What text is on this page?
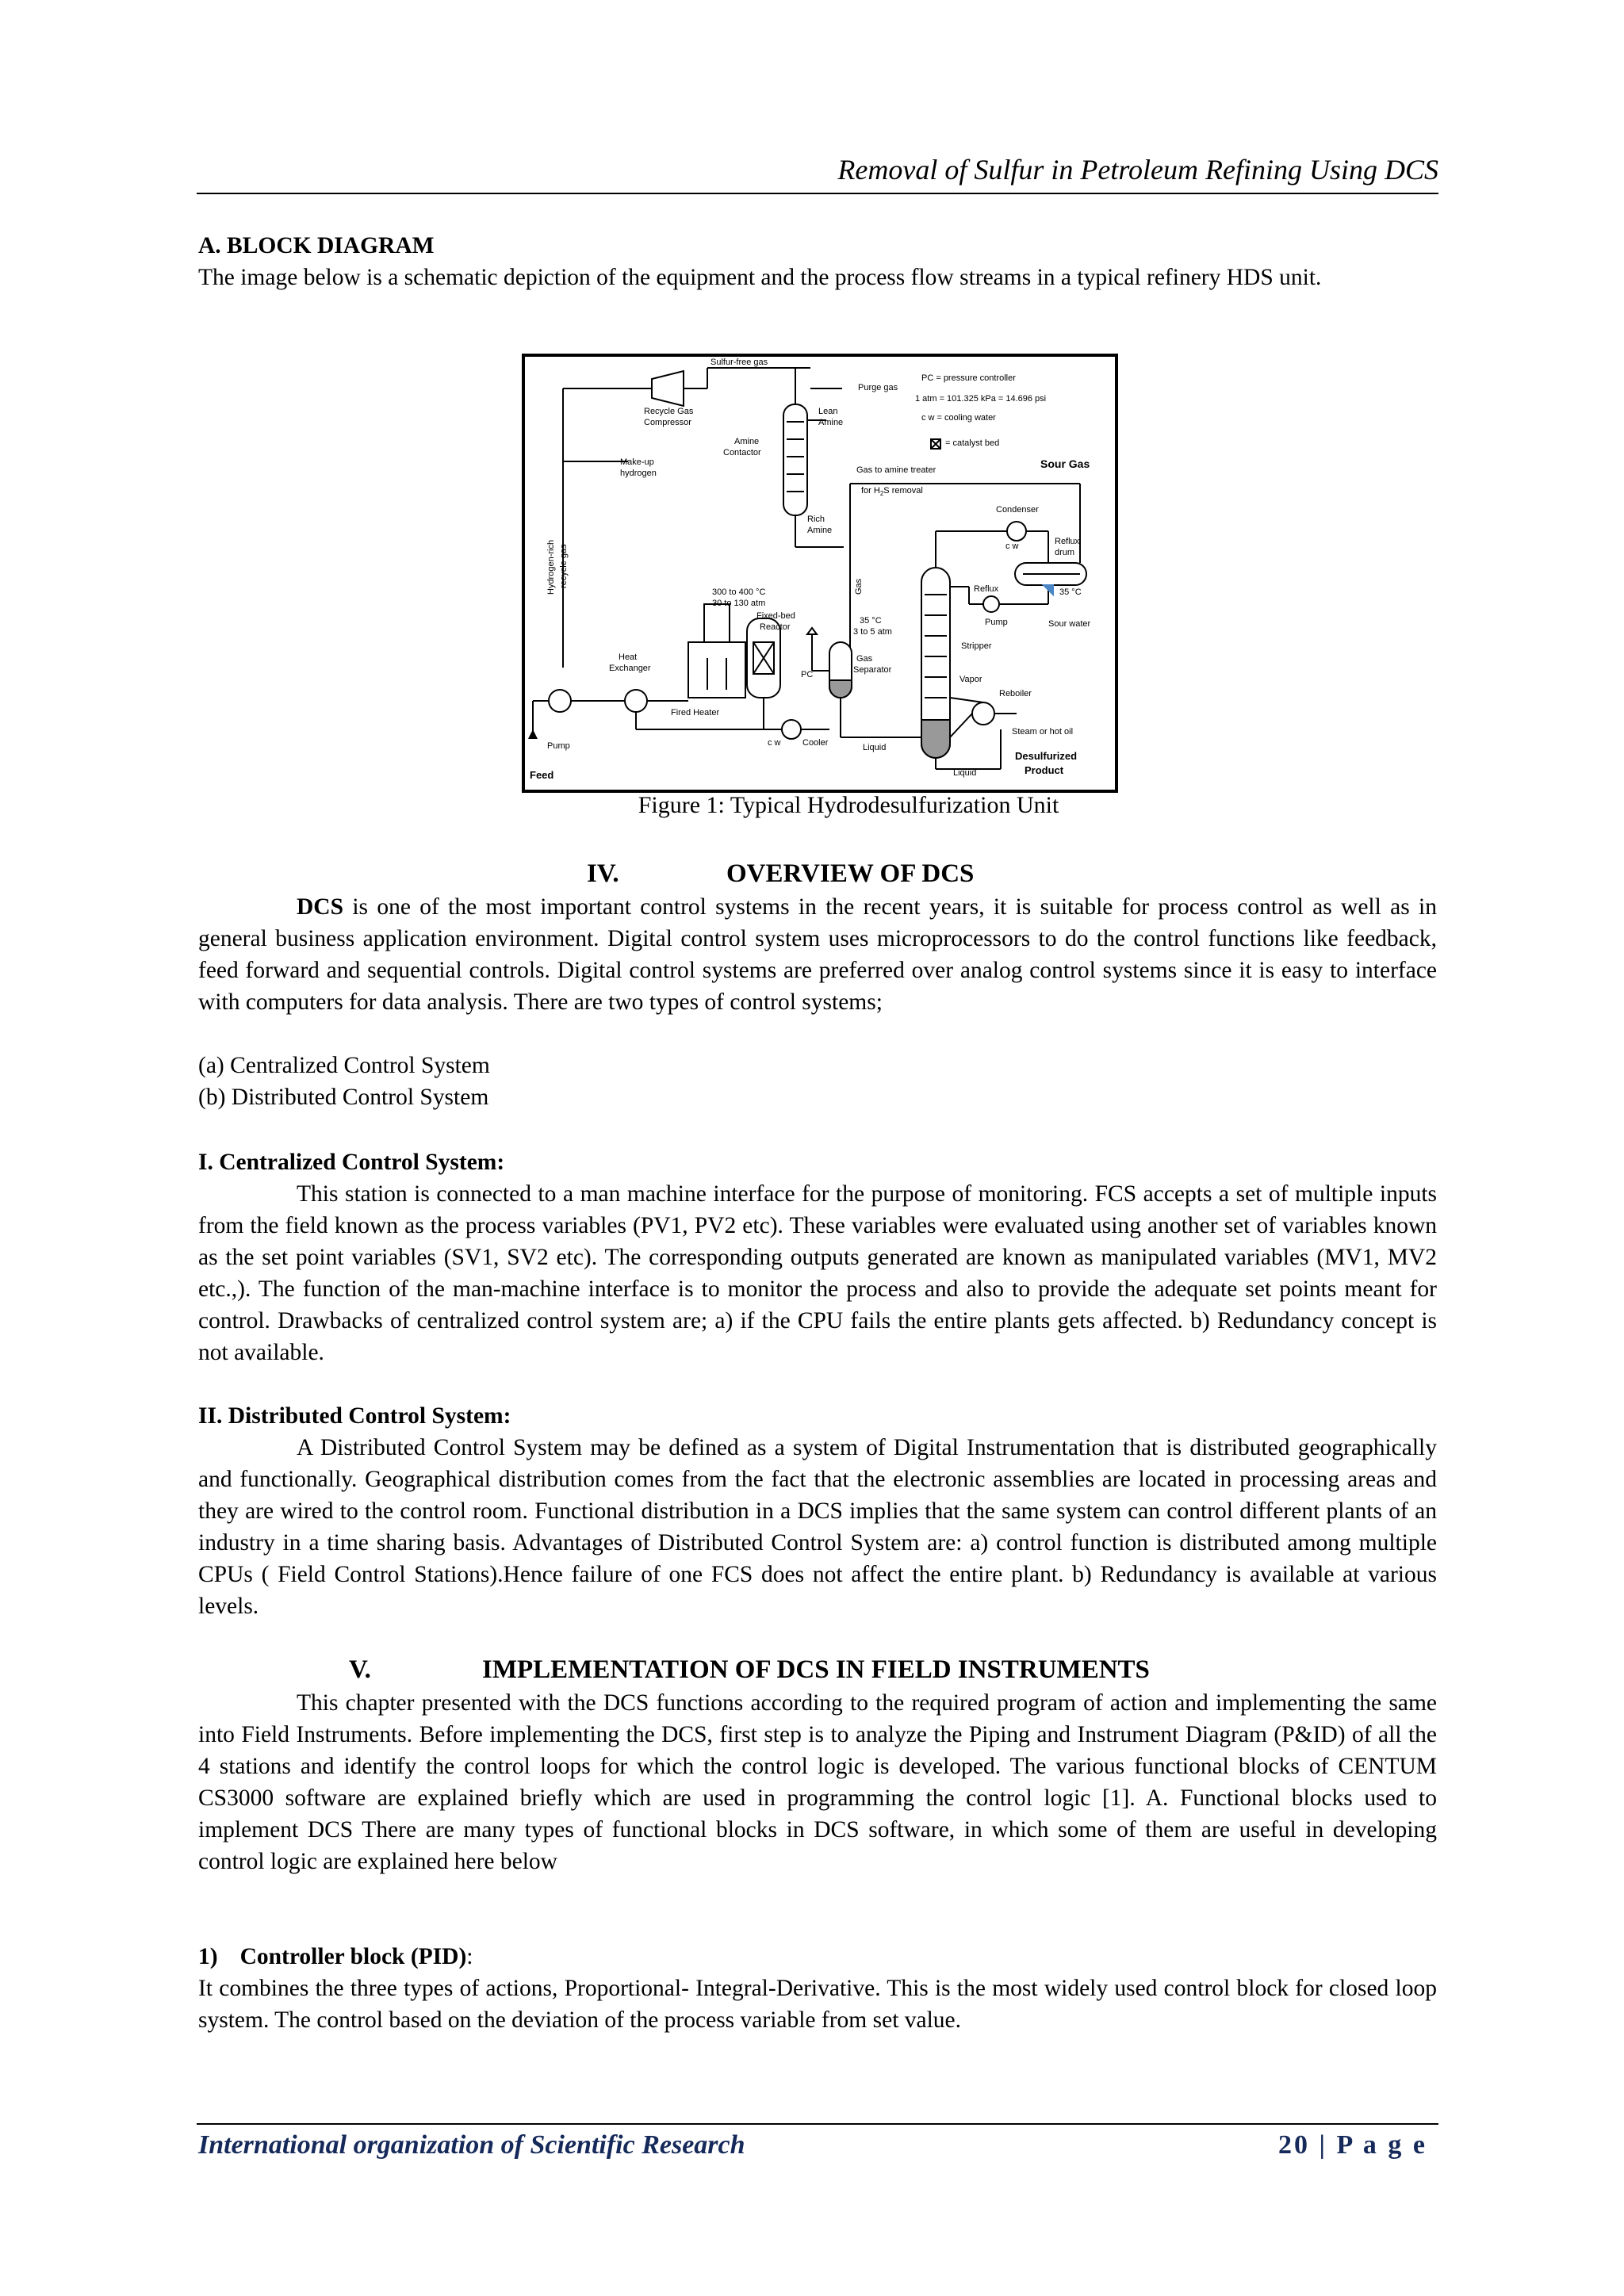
Removal of Sulfur in Petroleum Refining Using DCS
A. BLOCK DIAGRAM
The image below is a schematic depiction of the equipment and the process flow streams in a typical refinery HDS unit.
Sulfur-free gas
Purge gas
PC = pressure controller
1 atm = 101.325 kPa = 14.696 psi
c w = cooling water
= catalyst bed
Recycle Gas
Compressor
Lean
Amine
Amine
Contactor
Make-up
hydrogen	Gas to amine treater
for $H_2S$ removal
Sour Gas
Rich
Amine
Condenser
c w	Reflux
drum
35 °C
Hydrogen-rich recycle gas	Gas	Reflux
Pump	Sour water
300 to 400 °C
30 to 130 atm
Fixed-bed
Reactor
35 °C
3 to 5 atm
Stripper
Heat
Exchanger
Gas
Separator
PC	Vapor
Reboiler
Fired Heater
c w	Cooler	Liquid
Steam or hot oil
Pump
Feed	Liquid
Desulfurized
Product
Figure 1: Typical Hydrodesulfurization Unit
IV.	OVERVIEW OF DCS
DCS is one of the most important control systems in the recent years, it is suitable for process control as well as in general business application environment. Digital control system uses microprocessors to do the control functions like feedback, feed forward and sequential controls. Digital control systems are preferred over analog control systems since it is easy to interface with computers for data analysis. There are two types of control systems;
(a) Centralized Control System
(b) Distributed Control System
I. Centralized Control System:
This station is connected to a man machine interface for the purpose of monitoring. FCS accepts a set of multiple inputs from the field known as the process variables (PV1, PV2 etc). These variables were evaluated using another set of variables known as the set point variables (SV1, SV2 etc). The corresponding outputs generated are known as manipulated variables (MV1, MV2 etc.,). The function of the man-machine interface is to monitor the process and also to provide the adequate set points meant for control. Drawbacks of centralized control system are; a) if the CPU fails the entire plants gets affected. b) Redundancy concept is not available.
II. Distributed Control System:
A Distributed Control System may be defined as a system of Digital Instrumentation that is distributed geographically and functionally. Geographical distribution comes from the fact that the electronic assemblies are located in processing areas and they are wired to the control room. Functional distribution in a DCS implies that the same system can control different plants of an industry in a time sharing basis. Advantages of Distributed Control System are: a) control function is distributed among multiple CPUs ( Field Control Stations).Hence failure of one FCS does not affect the entire plant. b) Redundancy is available at various levels.
V.	IMPLEMENTATION OF DCS IN FIELD INSTRUMENTS
This chapter presented with the DCS functions according to the required program of action and implementing the same into Field Instruments. Before implementing the DCS, first step is to analyze the Piping and Instrument Diagram (P&ID) of all the 4 stations and identify the control loops for which the control logic is developed. The various functional blocks of CENTUM CS3000 software are explained briefly which are used in programming the control logic [1]. A. Functional blocks used to implement DCS There are many types of functional blocks in DCS software, in which some of them are useful in developing control logic are explained here below
1) Controller block (PID):
It combines the three types of actions, Proportional- Integral-Derivative. This is the most widely used control block for closed loop system. The control based on the deviation of the process variable from set value.
International organization of Scientific Research	20 | P a g e
